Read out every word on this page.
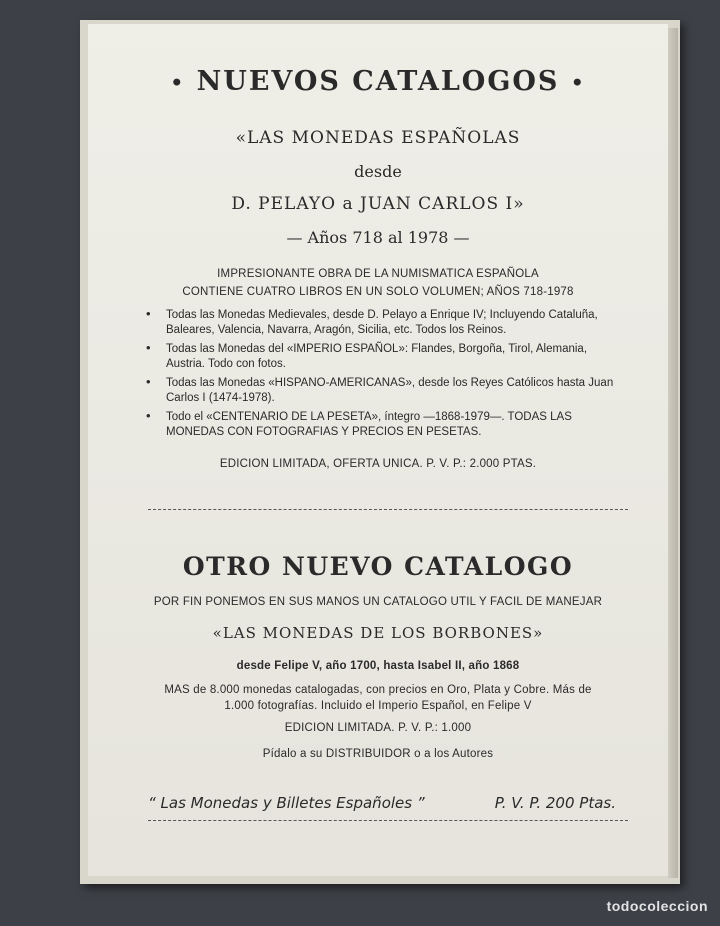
• NUEVOS CATALOGOS •
«LAS MONEDAS ESPAÑOLAS
desde
D. PELAYO a JUAN CARLOS I»
— Años 718 al 1978 —
IMPRESIONANTE OBRA DE LA NUMISMATICA ESPAÑOLA
CONTIENE CUATRO LIBROS EN UN SOLO VOLUMEN; AÑOS 718-1978
• Todas las Monedas Medievales, desde D. Pelayo a Enrique IV; Incluyendo Cataluña, Baleares, Valencia, Navarra, Aragón, Sicilia, etc. Todos los Reinos.
• Todas las Monedas del «IMPERIO ESPAÑOL»: Flandes, Borgoña, Tirol, Alemania, Austria. Todo con fotos.
• Todas las Monedas «HISPANO-AMERICANAS», desde los Reyes Católicos hasta Juan Carlos I (1474-1978).
• Todo el «CENTENARIO DE LA PESETA», íntegro —1868-1979—. TODAS LAS MONEDAS CON FOTOGRAFIAS Y PRECIOS EN PESETAS.
EDICION LIMITADA, OFERTA UNICA. P. V. P.: 2.000 PTAS.
OTRO NUEVO CATALOGO
POR FIN PONEMOS EN SUS MANOS UN CATALOGO UTIL Y FACIL DE MANEJAR
«LAS MONEDAS DE LOS BORBONES»
desde Felipe V, año 1700, hasta Isabel II, año 1868
MAS de 8.000 monedas catalogadas, con precios en Oro, Plata y Cobre. Más de
1.000 fotografías. Incluido el Imperio Español, en Felipe V
EDICION LIMITADA. P. V. P.: 1.000
Pídalo a su DISTRIBUIDOR o a los Autores
“ Las Monedas y Billetes Españoles ”	P. V. P. 200 Ptas.
todocoleccion
